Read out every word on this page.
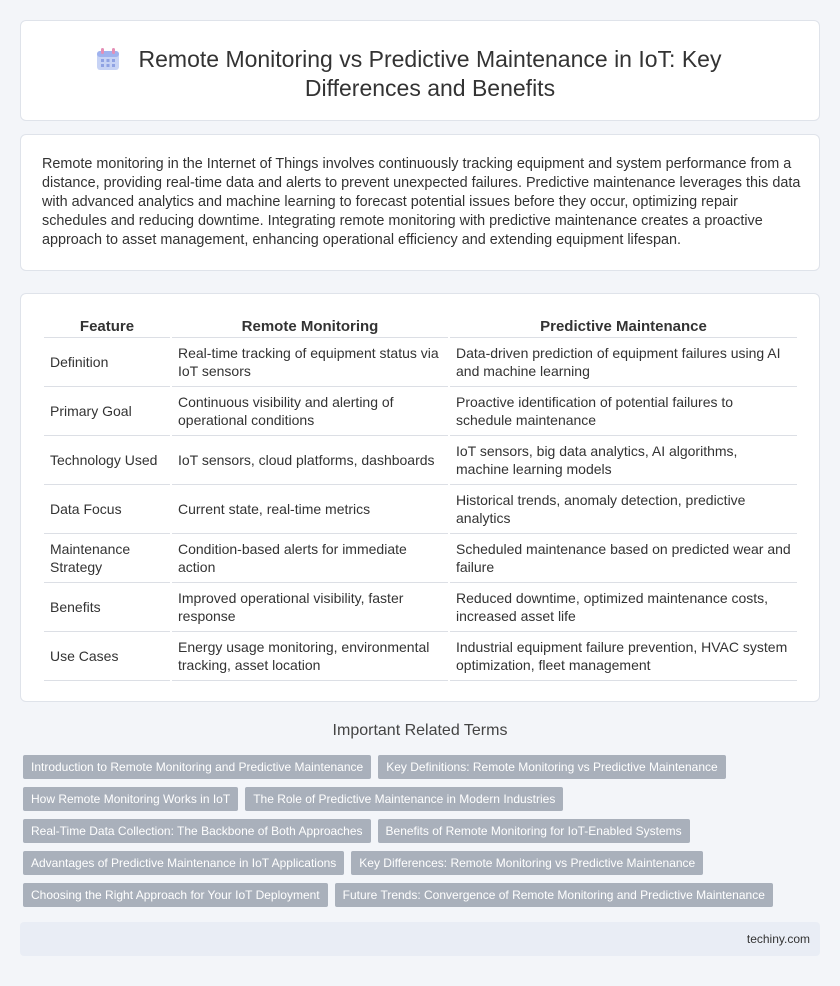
Remote Monitoring vs Predictive Maintenance in IoT: Key Differences and Benefits

Remote monitoring in the Internet of Things involves continuously tracking equipment and system performance from a distance, providing real-time data and alerts to prevent unexpected failures. Predictive maintenance leverages this data with advanced analytics and machine learning to forecast potential issues before they occur, optimizing repair schedules and reducing downtime. Integrating remote monitoring with predictive maintenance creates a proactive approach to asset management, enhancing operational efficiency and extending equipment lifespan.

Feature	Remote Monitoring	Predictive Maintenance
Definition	Real-time tracking of equipment status via IoT sensors	Data-driven prediction of equipment failures using AI and machine learning
Primary Goal	Continuous visibility and alerting of operational conditions	Proactive identification of potential failures to schedule maintenance
Technology Used	IoT sensors, cloud platforms, dashboards	IoT sensors, big data analytics, AI algorithms, machine learning models
Data Focus	Current state, real-time metrics	Historical trends, anomaly detection, predictive analytics
Maintenance Strategy	Condition-based alerts for immediate action	Scheduled maintenance based on predicted wear and failure
Benefits	Improved operational visibility, faster response	Reduced downtime, optimized maintenance costs, increased asset life
Use Cases	Energy usage monitoring, environmental tracking, asset location	Industrial equipment failure prevention, HVAC system optimization, fleet management
Important Related Terms
Introduction to Remote Monitoring and Predictive Maintenance	Key Definitions: Remote Monitoring vs Predictive Maintenance
How Remote Monitoring Works in IoT	The Role of Predictive Maintenance in Modern Industries
Real-Time Data Collection: The Backbone of Both Approaches	Benefits of Remote Monitoring for IoT-Enabled Systems
Advantages of Predictive Maintenance in IoT Applications	Key Differences: Remote Monitoring vs Predictive Maintenance
Choosing the Right Approach for Your IoT Deployment	Future Trends: Convergence of Remote Monitoring and Predictive Maintenance
techiny.com
